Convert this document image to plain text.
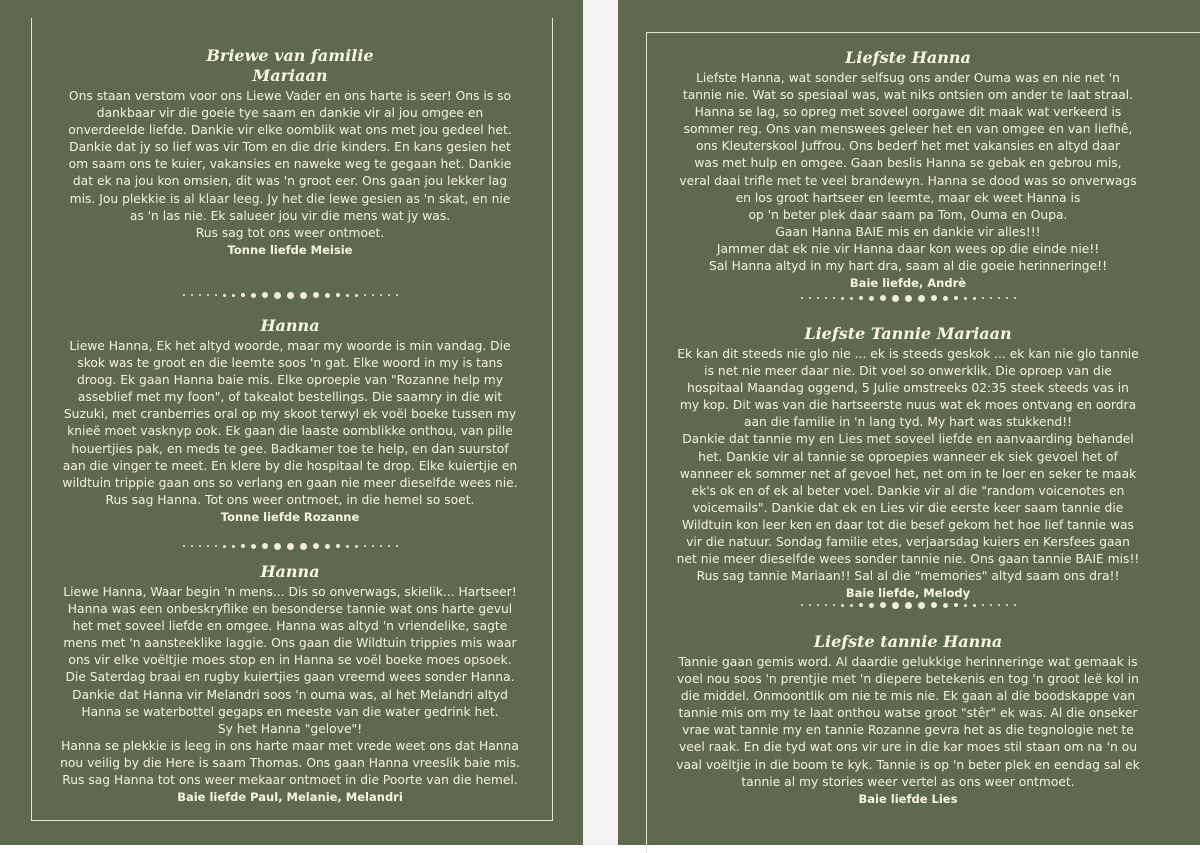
Briewe van familie
Mariaan

Ons staan verstom voor ons Liewe Vader en ons harte is seer! Ons is so

dankbaar vir die goeie tye saam en dankie vir al jou omgee en

onverdeelde liefde. Dankie vir elke oomblik wat ons met jou gedeel het.

Dankie dat jy so lief was vir Tom en die drie kinders. En kans gesien het

om saam ons te kuier, vakansies en naweke weg te gegaan het. Dankie

dat ek na jou kon omsien, dit was 'n groot eer. Ons gaan jou lekker lag

mis. Jou plekkie is al klaar leeg. Jy het die lewe gesien as 'n skat, en nie

as 'n las nie. Ek salueer jou vir die mens wat jy was.

Rus sag tot ons weer ontmoet.

Tonne liefde Meisie

Hanna

Liewe Hanna, Ek het altyd woorde, maar my woorde is min vandag. Die

skok was te groot en die leemte soos 'n gat. Elke woord in my is tans

droog. Ek gaan Hanna baie mis. Elke oproepie van "Rozanne help my

asseblief met my foon", of takealot bestellings. Die saamry in die wit

Suzuki, met cranberries oral op my skoot terwyl ek voël boeke tussen my

knieë moet vasknyp ook. Ek gaan die laaste oomblikke onthou, van pille

houertjies pak, en meds te gee. Badkamer toe te help, en dan suurstof

aan die vinger te meet. En klere by die hospitaal te drop. Elke kuiertjie en

wildtuin trippie gaan ons so verlang en gaan nie meer dieselfde wees nie.

Rus sag Hanna. Tot ons weer ontmoet, in die hemel so soet.

Tonne liefde Rozanne

Hanna

Liewe Hanna, Waar begin 'n mens... Dis so onverwags, skielik... Hartseer!

Hanna was een onbeskryflike en besonderse tannie wat ons harte gevul

het met soveel liefde en omgee. Hanna was altyd 'n vriendelike, sagte

mens met 'n aansteeklike laggie. Ons gaan die Wildtuin trippies mis waar

ons vir elke voëltjie moes stop en in Hanna se voël boeke moes opsoek.

Die Saterdag braai en rugby kuiertjies gaan vreemd wees sonder Hanna.

Dankie dat Hanna vir Melandri soos 'n ouma was, al het Melandri altyd

Hanna se waterbottel gegaps en meeste van die water gedrink het.

Sy het Hanna "gelove"!

Hanna se plekkie is leeg in ons harte maar met vrede weet ons dat Hanna

nou veilig by die Here is saam Thomas. Ons gaan Hanna vreeslik baie mis.

Rus sag Hanna tot ons weer mekaar ontmoet in die Poorte van die hemel.

Baie liefde Paul, Melanie, Melandri

Liefste Hanna

Liefste Hanna, wat sonder selfsug ons ander Ouma was en nie net 'n

tannie nie. Wat so spesiaal was, wat niks ontsien om ander te laat straal.

Hanna se lag, so opreg met soveel oorgawe dit maak wat verkeerd is

sommer reg. Ons van menswees geleer het en van omgee en van liefhê,

ons Kleuterskool Juffrou. Ons bederf het met vakansies en altyd daar

was met hulp en omgee. Gaan beslis Hanna se gebak en gebrou mis,

veral daai trifle met te veel brandewyn. Hanna se dood was so onverwags

en los groot hartseer en leemte, maar ek weet Hanna is

op 'n beter plek daar saam pa Tom, Ouma en Oupa.

Gaan Hanna BAIE mis en dankie vir alles!!!

Jammer dat ek nie vir Hanna daar kon wees op die einde nie!!

Sal Hanna altyd in my hart dra, saam al die goeie herinneringe!!

Baie liefde, Andrè

Liefste Tannie Mariaan

Ek kan dit steeds nie glo nie ... ek is steeds geskok ... ek kan nie glo tannie

is net nie meer daar nie. Dit voel so onwerklik. Die oproep van die

hospitaal Maandag oggend, 5 Julie omstreeks 02:35 steek steeds vas in

my kop. Dit was van die hartseerste nuus wat ek moes ontvang en oordra

aan die familie in 'n lang tyd. My hart was stukkend!!

Dankie dat tannie my en Lies met soveel liefde en aanvaarding behandel

het. Dankie vir al tannie se oproepies wanneer ek siek gevoel het of

wanneer ek sommer net af gevoel het, net om in te loer en seker te maak

ek's ok en of ek al beter voel. Dankie vir al die "random voicenotes en

voicemails". Dankie dat ek en Lies vir die eerste keer saam tannie die

Wildtuin kon leer ken en daar tot die besef gekom het hoe lief tannie was

vir die natuur. Sondag familie etes, verjaarsdag kuiers en Kersfees gaan

net nie meer dieselfde wees sonder tannie nie. Ons gaan tannie BAIE mis!!

Rus sag tannie Mariaan!! Sal al die "memories" altyd saam ons dra!!

Baie liefde, Melody

Liefste tannie Hanna

Tannie gaan gemis word. Al daardie gelukkige herinneringe wat gemaak is

voel nou soos 'n prentjie met 'n diepere betekenis en tog 'n groot leë kol in

die middel. Onmoontlik om nie te mis nie. Ek gaan al die boodskappe van

tannie mis om my te laat onthou watse groot "stêr" ek was. Al die onseker

vrae wat tannie my en tannie Rozanne gevra het as die tegnologie net te

veel raak. En die tyd wat ons vir ure in die kar moes stil staan om na 'n ou

vaal voëltjie in die boom te kyk. Tannie is op 'n beter plek en eendag sal ek

tannie al my stories weer vertel as ons weer ontmoet.

Baie liefde Lies
